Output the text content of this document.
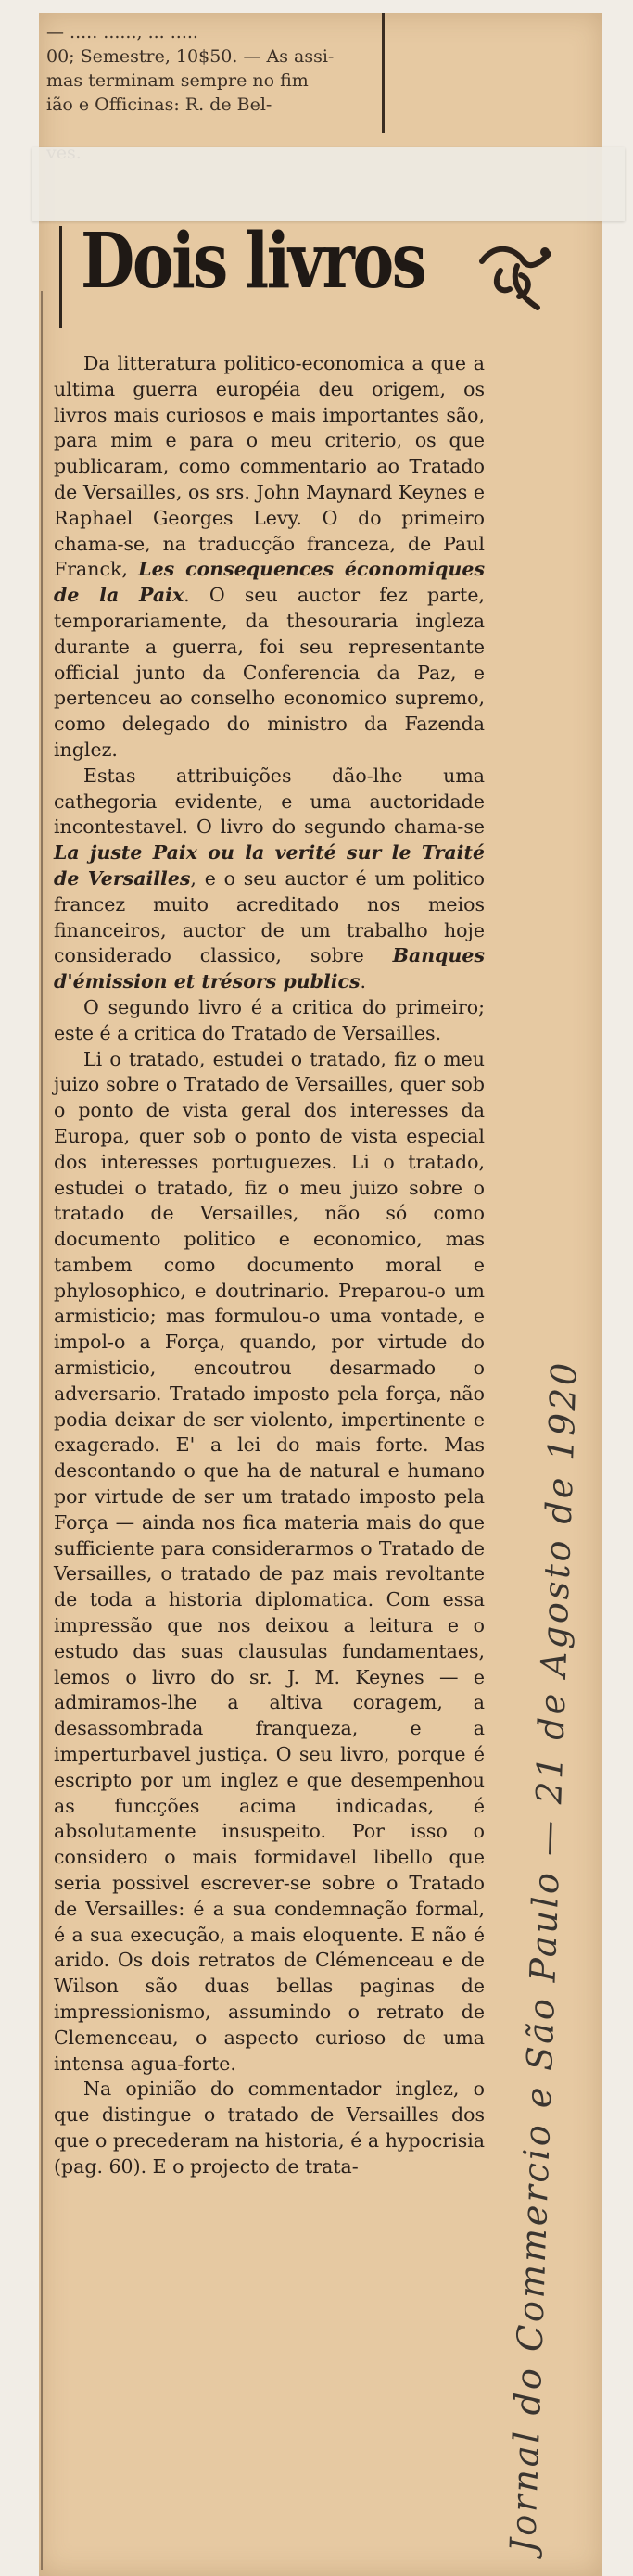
— ..... ......, ... .....
00; Semestre, 10$50. — As assi-
mas terminam sempre no fim
ião e Officinas: R. de Bel-
Dois livros

Da litteratura politico-economica a que a ultima guerra européia deu origem, os livros mais curiosos e mais importantes são, para mim e para o meu criterio, os que publicaram, como commentario ao Tratado de Versailles, os srs. John Maynard Keynes e Raphael Georges Levy. O do primeiro chama-se, na traducção franceza, de Paul Franck, Les consequences économiques de la Paix. O seu auctor fez parte, temporariamente, da thesouraria ingleza durante a guerra, foi seu representante official junto da Conferencia da Paz, e pertenceu ao conselho economico supremo, como delegado do ministro da Fazenda inglez.

Estas attribuições dão-lhe uma cathegoria evidente, e uma auctoridade incontestavel. O livro do segundo chama-se La juste Paix ou la verité sur le Traité de Versailles, e o seu auctor é um politico francez muito acreditado nos meios financeiros, auctor de um trabalho hoje considerado classico, sobre Banques d'émission et trésors publics.

O segundo livro é a critica do primeiro; este é a critica do Tratado de Versailles.

Li o tratado, estudei o tratado, fiz o meu juizo sobre o Tratado de Versailles, quer sob o ponto de vista geral dos interesses da Europa, quer sob o ponto de vista especial dos interesses portuguezes. Li o tratado, estudei o tratado, fiz o meu juizo sobre o tratado de Versailles, não só como documento politico e economico, mas tambem como documento moral e phylosophico, e doutrinario. Preparou-o um armisticio; mas formulou-o uma vontade, e impol-o a Força, quando, por virtude do armisticio, encoutrou desarmado o adversario. Tratado imposto pela força, não podia deixar de ser violento, impertinente e exagerado. E' a lei do mais forte. Mas descontando o que ha de natural e humano por virtude de ser um tratado imposto pela Força — ainda nos fica materia mais do que sufficiente para considerarmos o Tratado de Versailles, o tratado de paz mais revoltante de toda a historia diplomatica. Com essa impressão que nos deixou a leitura e o estudo das suas clausulas fundamentaes, lemos o livro do sr. J. M. Keynes — e admiramos-lhe a altiva coragem, a desassombrada franqueza, e a imperturbavel justiça. O seu livro, porque é escripto por um inglez e que desempenhou as funcções acima indicadas, é absolutamente insuspeito. Por isso o considero o mais formidavel libello que seria possivel escrever-se sobre o Tratado de Versailles: é a sua condemnação formal, é a sua execução, a mais eloquente. E não é arido. Os dois retratos de Clémenceau e de Wilson são duas bellas paginas de impressionismo, assumindo o retrato de Clemenceau, o aspecto curioso de uma intensa agua-forte.

Na opinião do commentador inglez, o que distingue o tratado de Versailles dos que o precederam na historia, é a hypocrisia (pag. 60). E o projecto de trata-	Jornal do Commercio e São Paulo — 21 de Agosto de 1920
